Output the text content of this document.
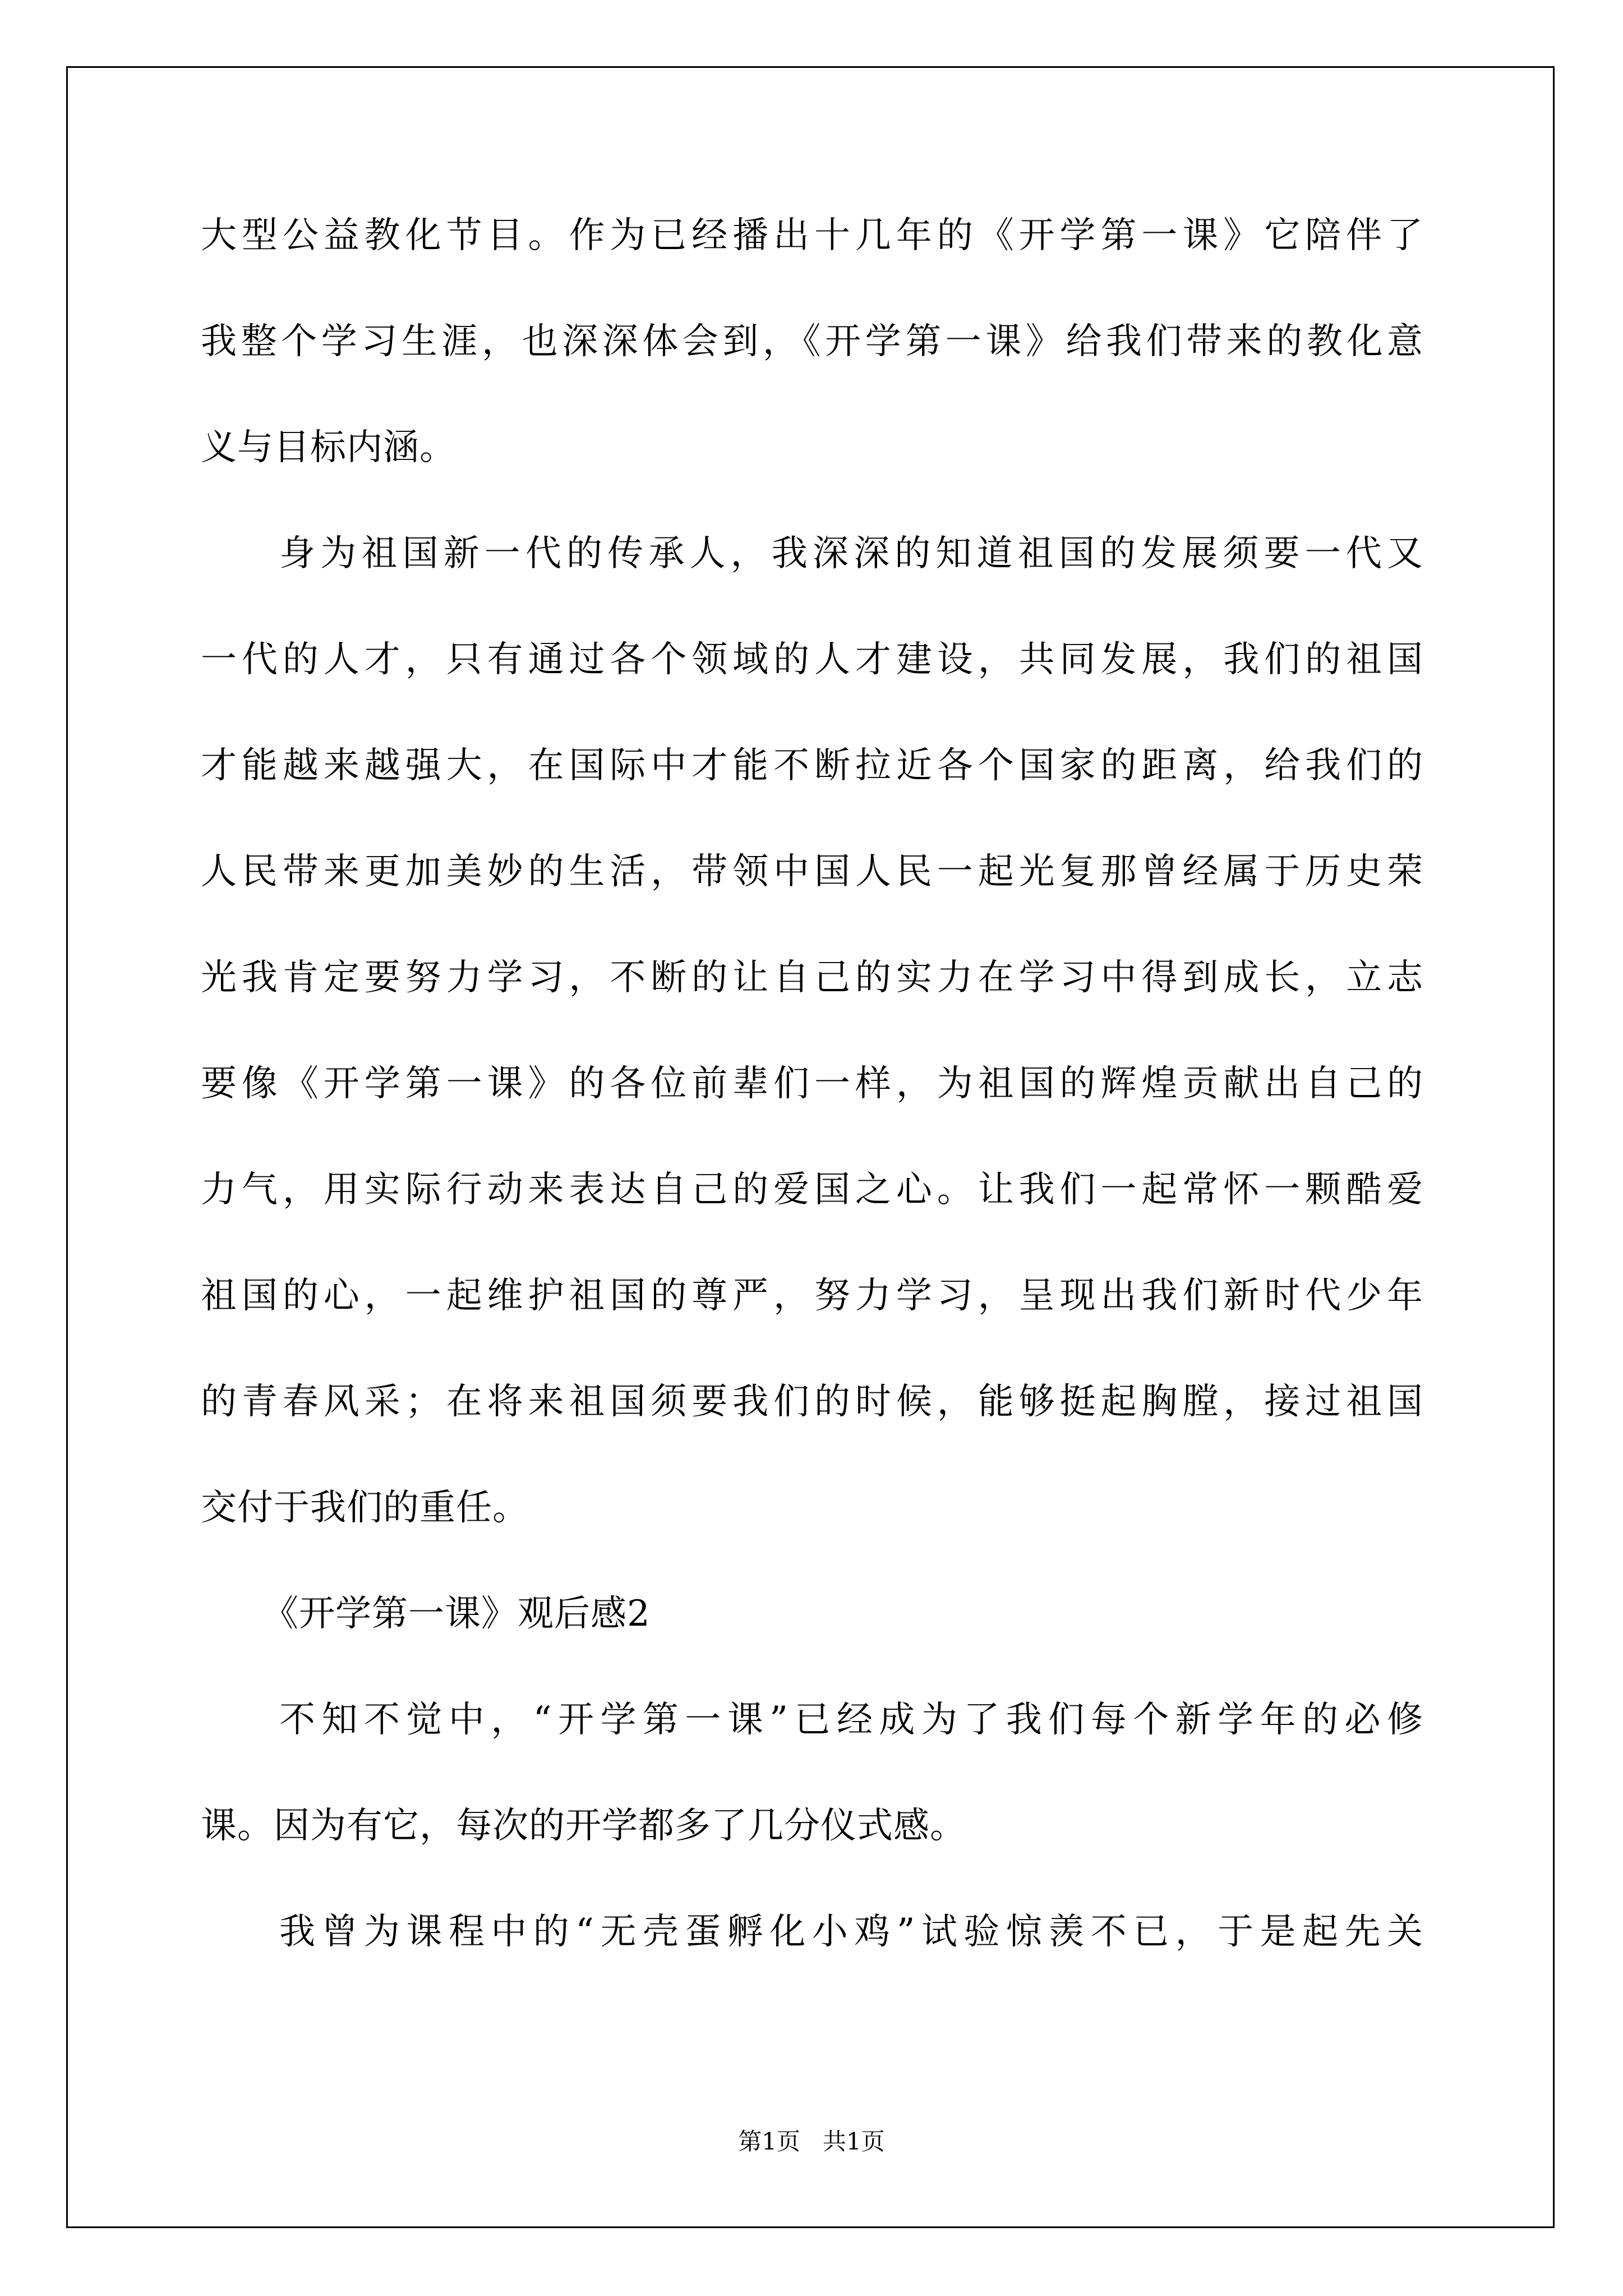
大型公益教化节目。作为已经播出十几年的《开学第一课》它陪伴了
我整个学习生涯，也深深体会到，《开学第一课》给我们带来的教化意
义与目标内涵。
身为祖国新一代的传承人，我深深的知道祖国的发展须要一代又
一代的人才，只有通过各个领域的人才建设，共同发展，我们的祖国
才能越来越强大，在国际中才能不断拉近各个国家的距离，给我们的
人民带来更加美妙的生活，带领中国人民一起光复那曾经属于历史荣
光我肯定要努力学习，不断的让自己的实力在学习中得到成长，立志
要像《开学第一课》的各位前辈们一样，为祖国的辉煌贡献出自己的
力气，用实际行动来表达自己的爱国之心。让我们一起常怀一颗酷爱
祖国的心，一起维护祖国的尊严，努力学习，呈现出我们新时代少年
的青春风采；在将来祖国须要我们的时候，能够挺起胸膛，接过祖国
交付于我们的重任。
《开学第一课》观后感2
不知不觉中，“开学第一课”已经成为了我们每个新学年的必修
课。因为有它，每次的开学都多了几分仪式感。
我曾为课程中的“无壳蛋孵化小鸡”试验惊羡不已，于是起先关
第1页   共1页
